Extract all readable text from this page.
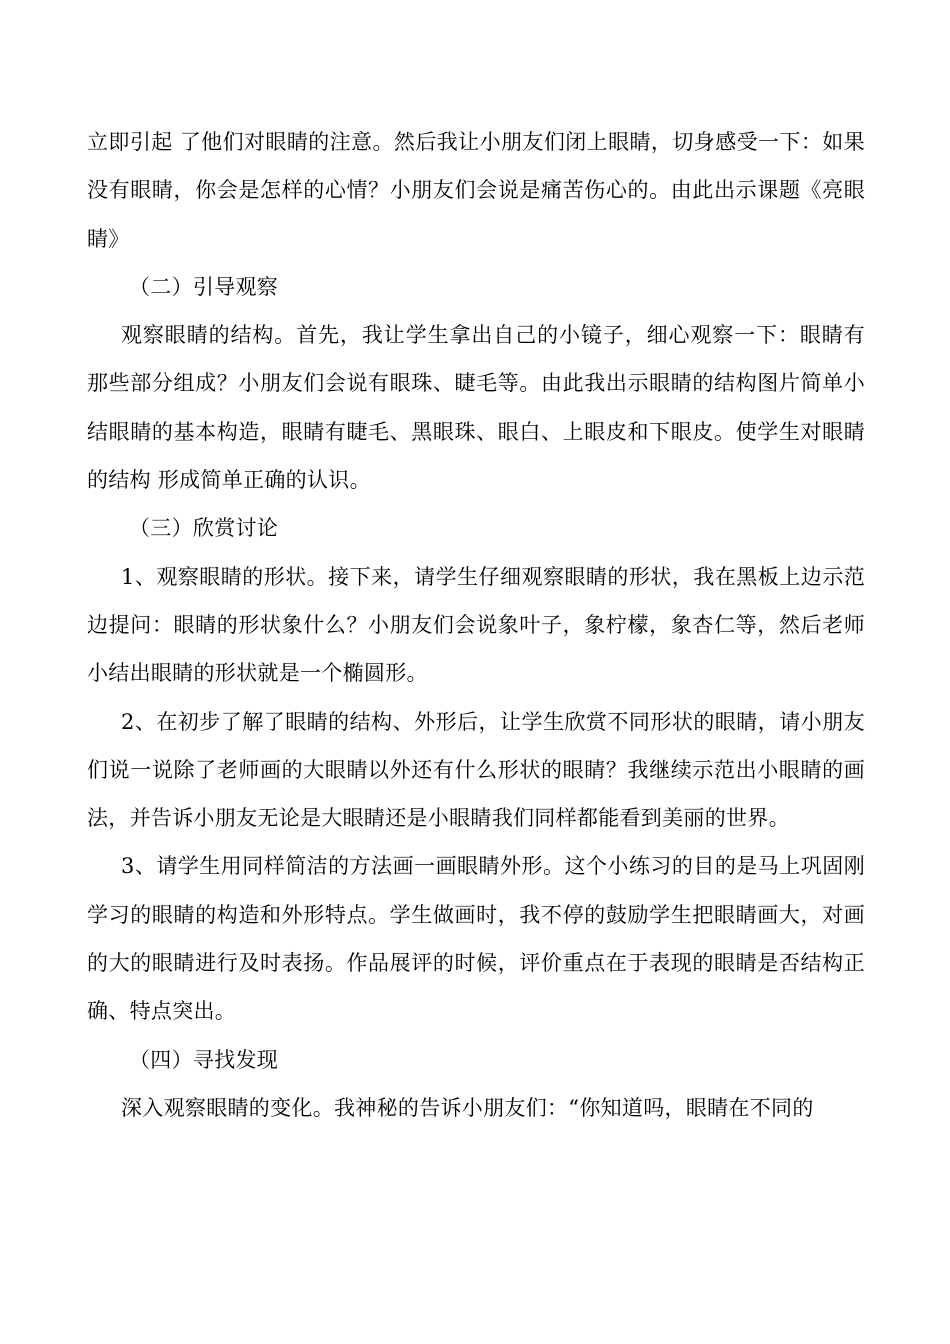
立即引起 了他们对眼睛的注意。然后我让小朋友们闭上眼睛，切身感受一下：如果没有眼睛，你会是怎样的心情？小朋友们会说是痛苦伤心的。由此出示课题《亮眼睛》

（二）引导观察

观察眼睛的结构。首先，我让学生拿出自己的小镜子，细心观察一下：眼睛有那些部分组成？小朋友们会说有眼珠、睫毛等。由此我出示眼睛的结构图片简单小结眼睛的基本构造，眼睛有睫毛、黑眼珠、眼白、上眼皮和下眼皮。使学生对眼睛的结构 形成简单正确的认识。

（三）欣赏讨论

1、观察眼睛的形状。接下来，请学生仔细观察眼睛的形状，我在黑板上边示范边提问：眼睛的形状象什么？小朋友们会说象叶子，象柠檬，象杏仁等，然后老师小结出眼睛的形状就是一个椭圆形。

2、在初步了解了眼睛的结构、外形后，让学生欣赏不同形状的眼睛，请小朋友们说一说除了老师画的大眼睛以外还有什么形状的眼睛？我继续示范出小眼睛的画法，并告诉小朋友无论是大眼睛还是小眼睛我们同样都能看到美丽的世界。

3、请学生用同样简洁的方法画一画眼睛外形。这个小练习的目的是马上巩固刚学习的眼睛的构造和外形特点。学生做画时，我不停的鼓励学生把眼睛画大，对画的大的眼睛进行及时表扬。作品展评的时候，评价重点在于表现的眼睛是否结构正确、特点突出。

（四）寻找发现

深入观察眼睛的变化。我神秘的告诉小朋友们：“你知道吗，眼睛在不同的
